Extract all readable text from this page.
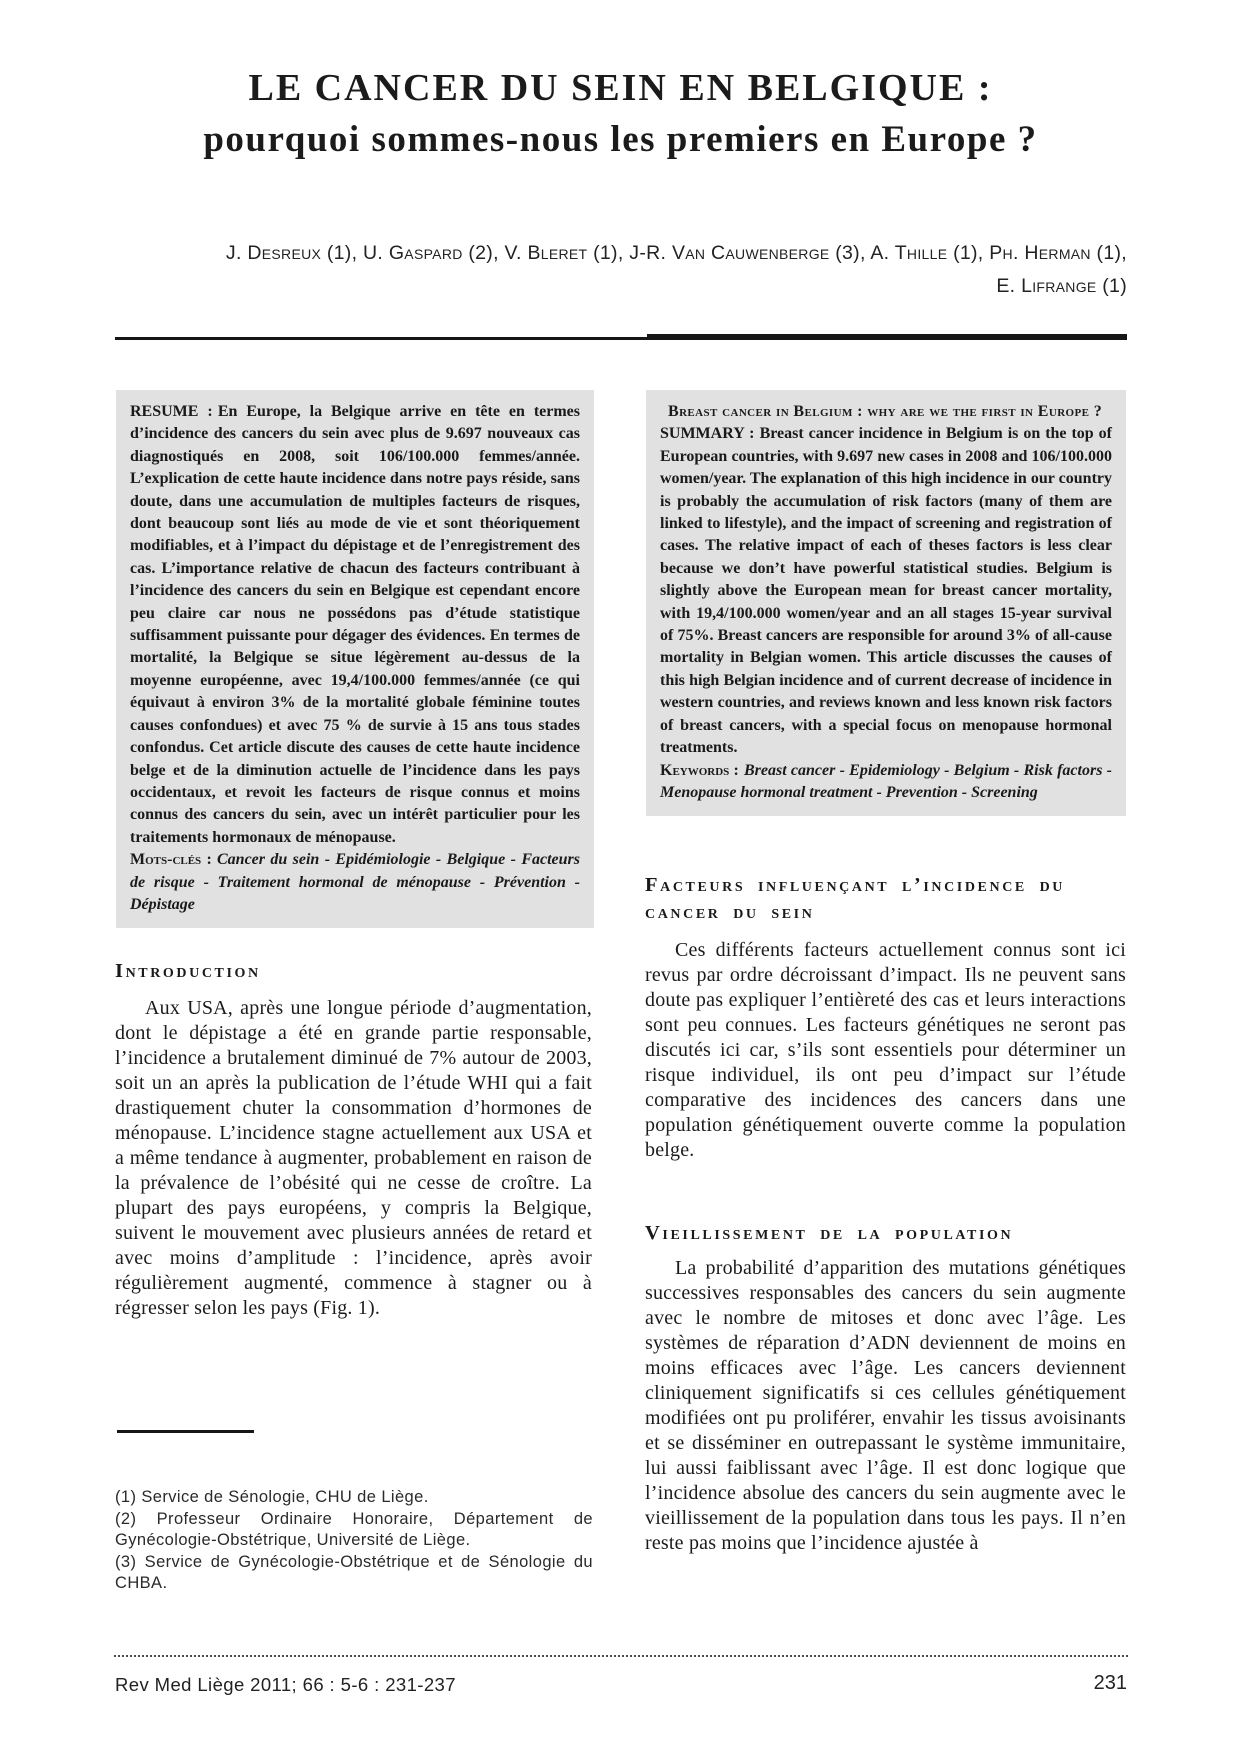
LE CANCER DU SEIN EN BELGIQUE :
pourquoi sommes-nous les premiers en Europe ?
J. Desreux (1), U. Gaspard (2), V. Bleret (1), J-R. Van Cauwenberge (3), A. Thille (1), Ph. Herman (1),
E. Lifrange (1)

RESUME : En Europe, la Belgique arrive en tête en termes d’incidence des cancers du sein avec plus de 9.697 nouveaux cas diagnostiqués en 2008, soit 106/100.000 femmes/année. L’explication de cette haute incidence dans notre pays réside, sans doute, dans une accumulation de multiples facteurs de risques, dont beaucoup sont liés au mode de vie et sont théoriquement modifiables, et à l’impact du dépistage et de l’enregistrement des cas. L’importance relative de chacun des facteurs contribuant à l’incidence des cancers du sein en Belgique est cependant encore peu claire car nous ne possédons pas d’étude statistique suffisamment puissante pour dégager des évidences. En termes de mortalité, la Belgique se situe légèrement au-dessus de la moyenne européenne, avec 19,4/100.000 femmes/année (ce qui équivaut à environ 3% de la mortalité globale féminine toutes causes confondues) et avec 75 % de survie à 15 ans tous stades confondus. Cet article discute des causes de cette haute incidence belge et de la diminution actuelle de l’incidence dans les pays occidentaux, et revoit les facteurs de risque connus et moins connus des cancers du sein, avec un intérêt particulier pour les traitements hormonaux de ménopause.

Mots-clés : Cancer du sein - Epidémiologie - Belgique - Facteurs de risque - Traitement hormonal de ménopause - Prévention - Dépistage

Breast cancer in Belgium : why are we the first in Europe ?

SUMMARY : Breast cancer incidence in Belgium is on the top of European countries, with 9.697 new cases in 2008 and 106/100.000 women/year. The explanation of this high incidence in our country is probably the accumulation of risk factors (many of them are linked to lifestyle), and the impact of screening and registration of cases. The relative impact of each of theses factors is less clear because we don’t have powerful statistical studies. Belgium is slightly above the European mean for breast cancer mortality, with 19,4/100.000 women/year and an all stages 15-year survival of 75%. Breast cancers are responsible for around 3% of all-cause mortality in Belgian women. This article discusses the causes of this high Belgian incidence and of current decrease of incidence in western countries, and reviews known and less known risk factors of breast cancers, with a special focus on menopause hormonal treatments.

Keywords : Breast cancer - Epidemiology - Belgium - Risk factors - Menopause hormonal treatment - Prevention - Screening

Introduction

Aux USA, après une longue période d’augmentation, dont le dépistage a été en grande partie responsable, l’incidence a brutalement diminué de 7% autour de 2003, soit un an après la publication de l’étude WHI qui a fait drastiquement chuter la consommation d’hormones de ménopause. L’incidence stagne actuellement aux USA et a même tendance à augmenter, probablement en raison de la prévalence de l’obésité qui ne cesse de croître. La plupart des pays européens, y compris la Belgique, suivent le mouvement avec plusieurs années de retard et avec moins d’amplitude : l’incidence, après avoir régulièrement augmenté, commence à stagner ou à régresser selon les pays (Fig. 1).

Facteurs influençant l’incidence du cancer du sein

Ces différents facteurs actuellement connus sont ici revus par ordre décroissant d’impact. Ils ne peuvent sans doute pas expliquer l’entièreté des cas et leurs interactions sont peu connues. Les facteurs génétiques ne seront pas discutés ici car, s’ils sont essentiels pour déterminer un risque individuel, ils ont peu d’impact sur l’étude comparative des incidences des cancers dans une population génétiquement ouverte comme la population belge.

Vieillissement de la population

La probabilité d’apparition des mutations génétiques successives responsables des cancers du sein augmente avec le nombre de mitoses et donc avec l’âge. Les systèmes de réparation d’ADN deviennent de moins en moins efficaces avec l’âge. Les cancers deviennent cliniquement significatifs si ces cellules génétiquement modifiées ont pu proliférer, envahir les tissus avoisinants et se disséminer en outrepassant le système immunitaire, lui aussi faiblissant avec l’âge. Il est donc logique que l’incidence absolue des cancers du sein augmente avec le vieillissement de la population dans tous les pays. Il n’en reste pas moins que l’incidence ajustée à

(1) Service de Sénologie, CHU de Liège.
(2) Professeur Ordinaire Honoraire, Département de Gynécologie-Obstétrique, Université de Liège.
(3) Service de Gynécologie-Obstétrique et de Sénologie du CHBA.
Rev Med Liège 2011; 66 : 5-6 : 231-237	231
